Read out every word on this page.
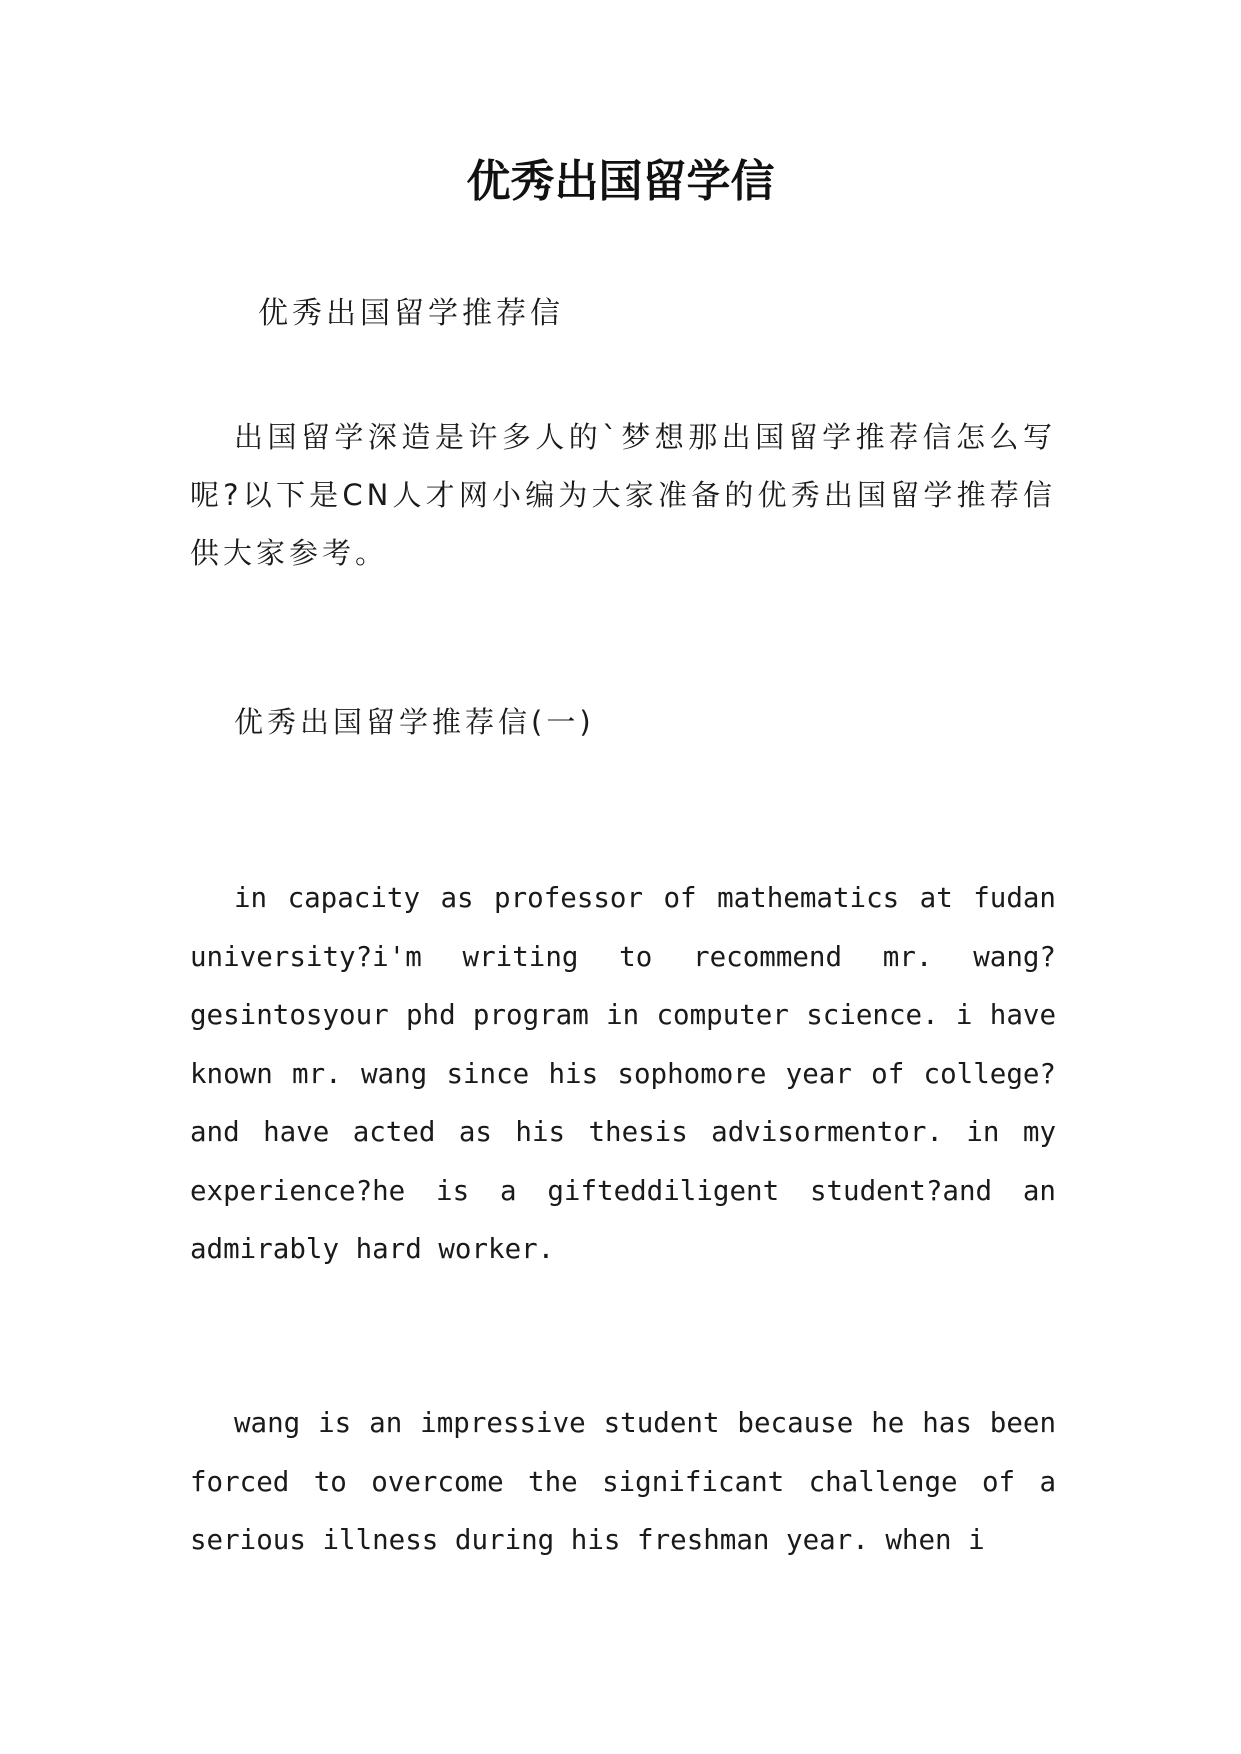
优秀出国留学信

优秀出国留学推荐信

出国留学深造是许多人的`梦想那出国留学推荐信怎么写呢?以下是CN人才网小编为大家准备的优秀出国留学推荐信供大家参考。

优秀出国留学推荐信(一)

in capacity as professor of mathematics at fudan university?i'm writing to recommend mr. wang?gesintosyour phd program in computer science. i have known mr. wang since his sophomore year of college?and have acted as his thesis advisormentor. in my experience?he is a gifteddiligent student?and an admirably hard worker.

wang is an impressive student because he has been forced to overcome the significant challenge of a serious illness during his freshman year. when i
